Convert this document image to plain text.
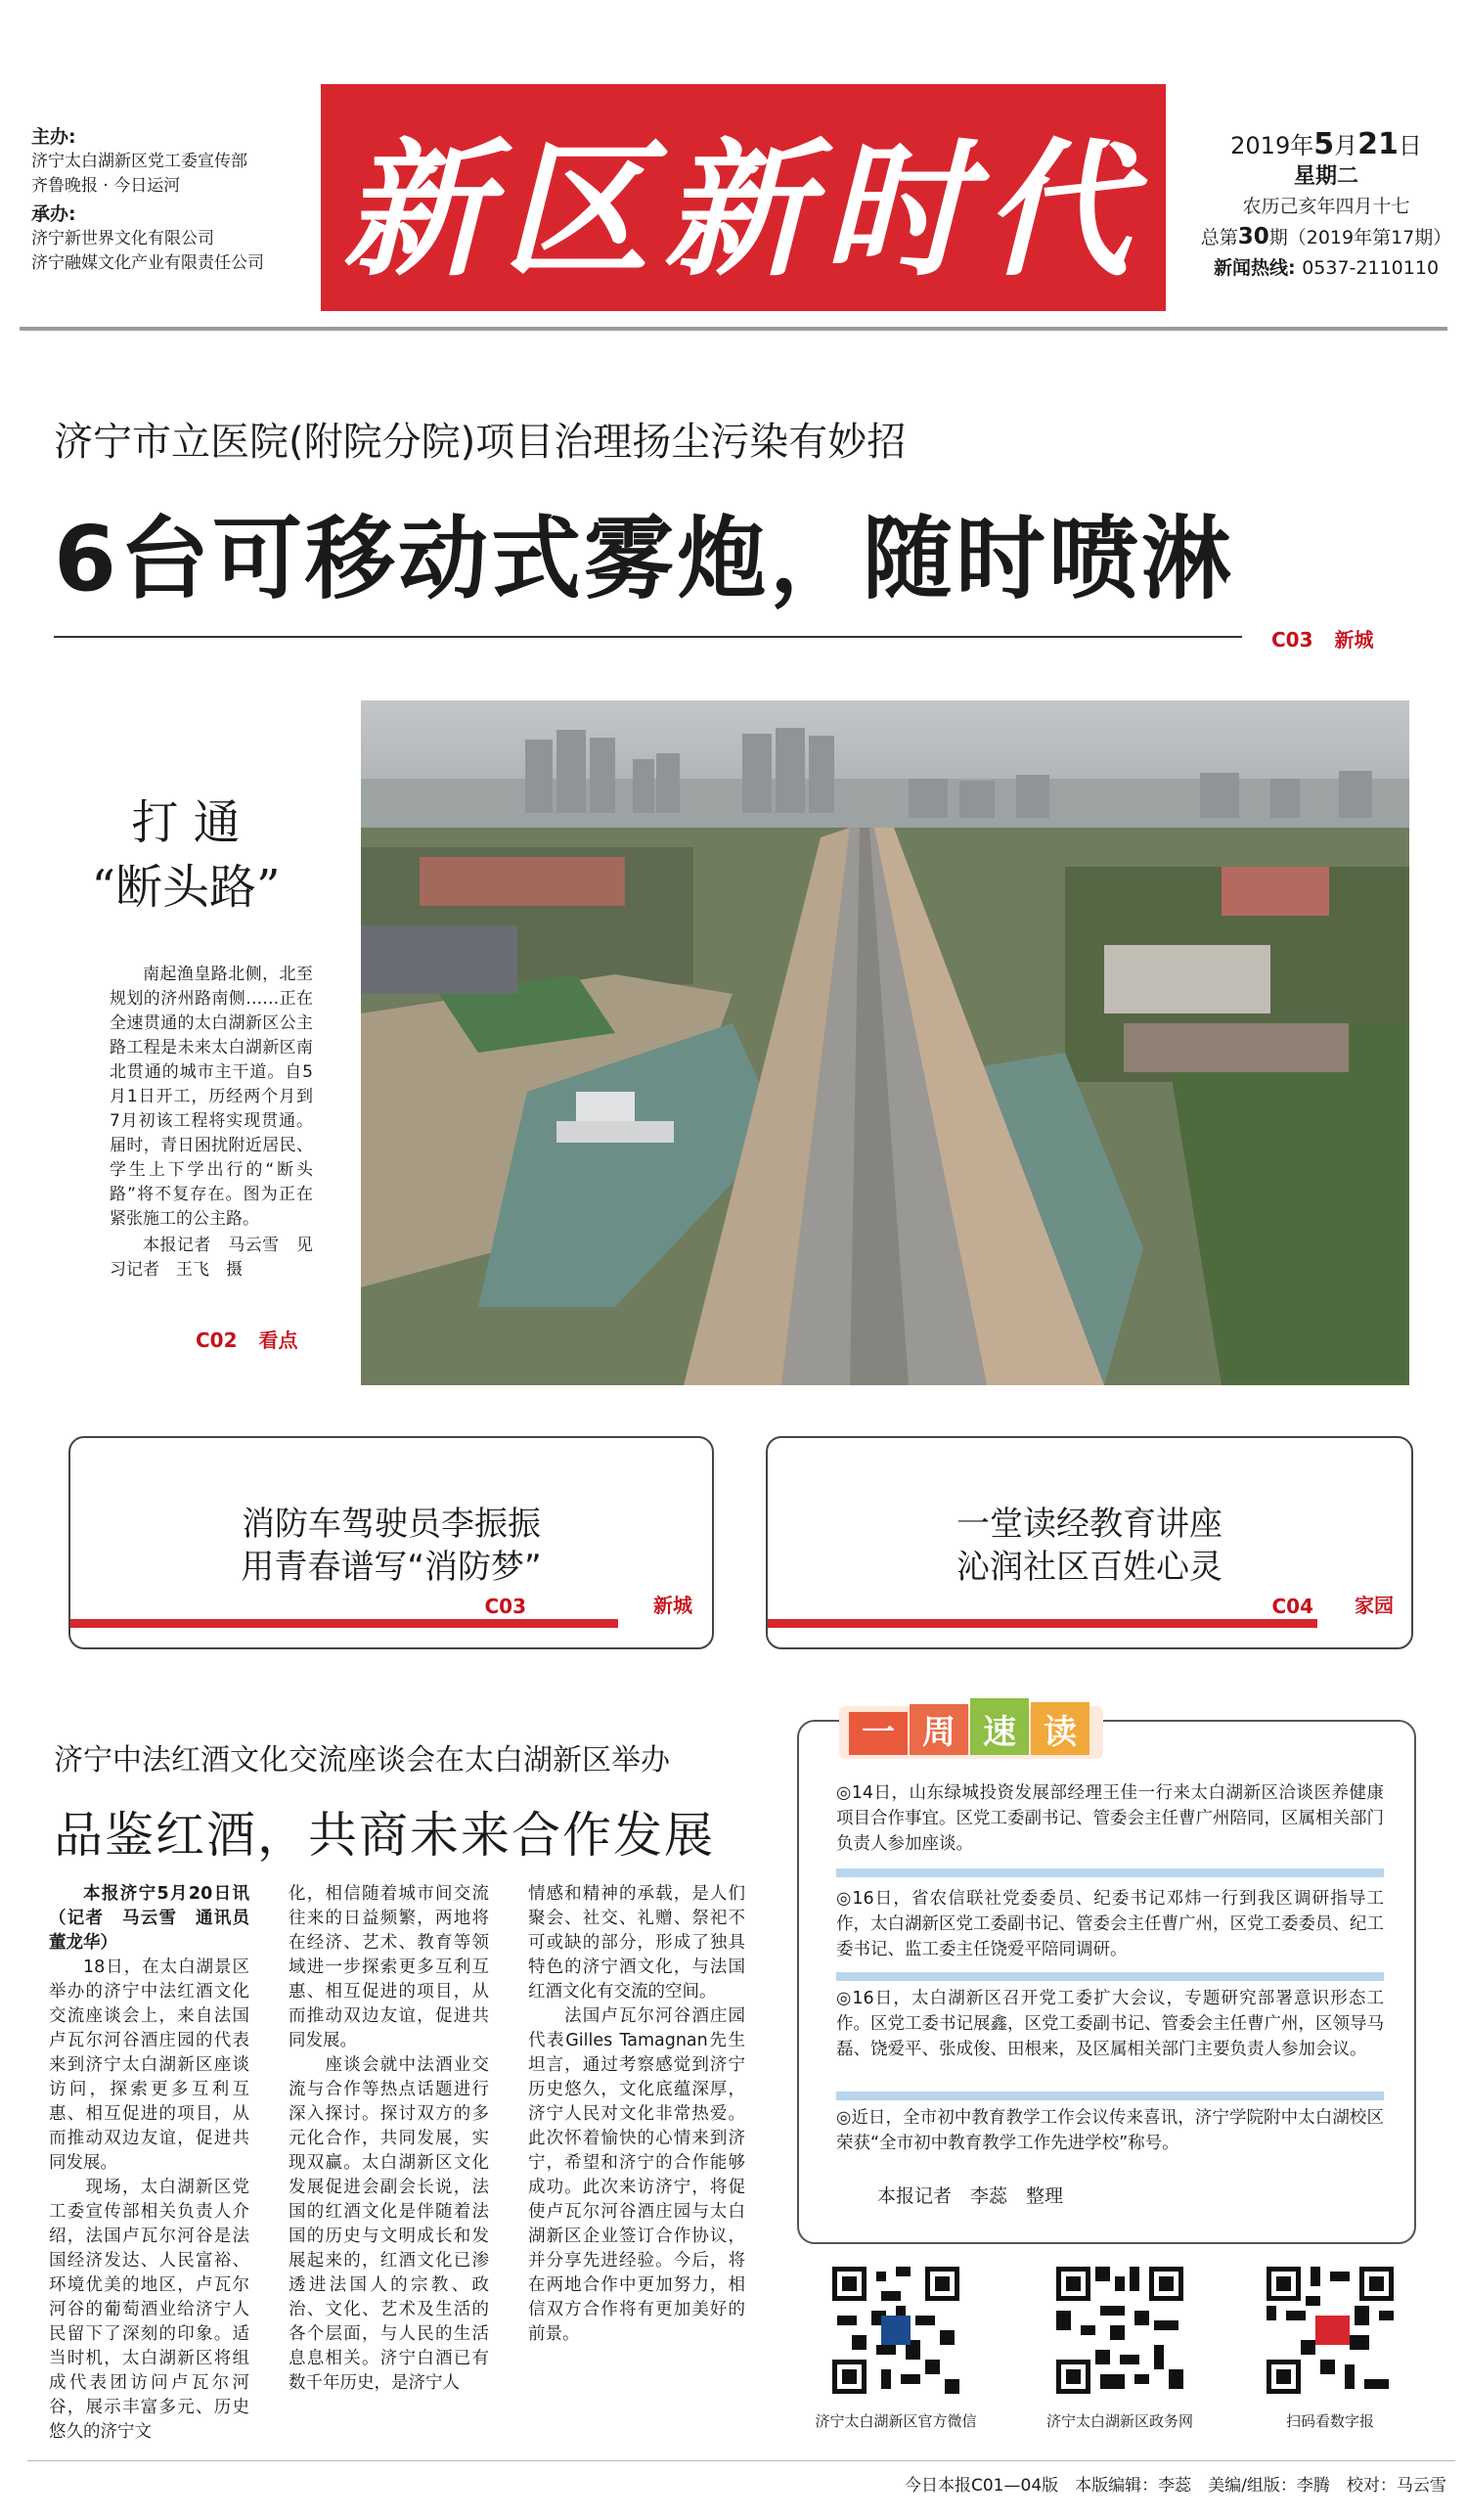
主办:
济宁太白湖新区党工委宣传部
齐鲁晚报 · 今日运河
承办:
济宁新世界文化有限公司
济宁融媒文化产业有限责任公司 新区新时代	2019年5月21日
星期二
农历己亥年四月十七
总第30期（2019年第17期）
新闻热线: 0537-2110110
济宁市立医院(附院分院)项目治理扬尘污染有妙招
6台可移动式雾炮，随时喷淋
C03 新城
打 通
“断头路”

南起渔皇路北侧，北至规划的济州路南侧……正在全速贯通的太白湖新区公主路工程是未来太白湖新区南北贯通的城市主干道。自5月1日开工，历经两个月到7月初该工程将实现贯通。届时，青日困扰附近居民、学生上下学出行的“断头路”将不复存在。图为正在紧张施工的公主路。

本报记者　马云雪　见习记者　王飞　摄

C02 看点
消防车驾驶员李振振
用青春谱写“消防梦”
C03	新城
一堂读经教育讲座
沁润社区百姓心灵
C04 家园
济宁中法红酒文化交流座谈会在太白湖新区举办
品鉴红酒，共商未来合作发展

本报济宁5月20日讯（记者　马云雪　通讯员　董龙华）

18日，在太白湖景区举办的济宁中法红酒文化交流座谈会上，来自法国卢瓦尔河谷酒庄园的代表来到济宁太白湖新区座谈访问，探索更多互利互惠、相互促进的项目，从而推动双边友谊，促进共同发展。
　　现场，太白湖新区党工委宣传部相关负责人介绍，法国卢瓦尔河谷是法国经济发达、人民富裕、环境优美的地区，卢瓦尔河谷的葡萄酒业给济宁人民留下了深刻的印象。适当时机，太白湖新区将组成代表团访问卢瓦尔河谷，展示丰富多元、历史悠久的济宁文

化，相信随着城市间交流往来的日益频繁，两地将在经济、艺术、教育等领域进一步探索更多互利互惠、相互促进的项目，从而推动双边友谊，促进共同发展。
　　座谈会就中法酒业交流与合作等热点话题进行深入探讨。探讨双方的多元化合作，共同发展，实现双赢。太白湖新区文化发展促进会副会长说，法国的红酒文化是伴随着法国的历史与文明成长和发展起来的，红酒文化已渗透进法国人的宗教、政治、文化、艺术及生活的各个层面，与人民的生活息息相关。济宁白酒已有数千年历史，是济宁人

情感和精神的承载，是人们聚会、社交、礼赠、祭祀不可或缺的部分，形成了独具特色的济宁酒文化，与法国红酒文化有交流的空间。
　　法国卢瓦尔河谷酒庄园代表Gilles Tamagnan先生坦言，通过考察感觉到济宁历史悠久，文化底蕴深厚，济宁人民对文化非常热爱。此次怀着愉快的心情来到济宁，希望和济宁的合作能够成功。此次来访济宁，将促使卢瓦尔河谷酒庄园与太白湖新区企业签订合作协议，并分享先进经验。今后，将在两地合作中更加努力，相信双方合作将有更加美好的前景。

◎14日，山东绿城投资发展部经理王佳一行来太白湖新区洽谈医养健康项目合作事宜。区党工委副书记、管委会主任曹广州陪同，区属相关部门负责人参加座谈。
◎16日，省农信联社党委委员、纪委书记邓炜一行到我区调研指导工作，太白湖新区党工委副书记、管委会主任曹广州，区党工委委员、纪工委书记、监工委主任饶爱平陪同调研。
◎16日，太白湖新区召开党工委扩大会议，专题研究部署意识形态工作。区党工委书记展鑫，区党工委副书记、管委会主任曹广州，区领导马磊、饶爱平、张成俊、田根来，及区属相关部门主要负责人参加会议。
◎近日，全市初中教育教学工作会议传来喜讯，济宁学院附中太白湖校区荣获“全市初中教育教学工作先进学校”称号。
本报记者　李蕊　整理
一 周 速 读
济宁太白湖新区官方微信	济宁太白湖新区政务网	扫码看数字报
今日本报C01—04版　本版编辑：李蕊　美编/组版：李腾　校对：马云雪
